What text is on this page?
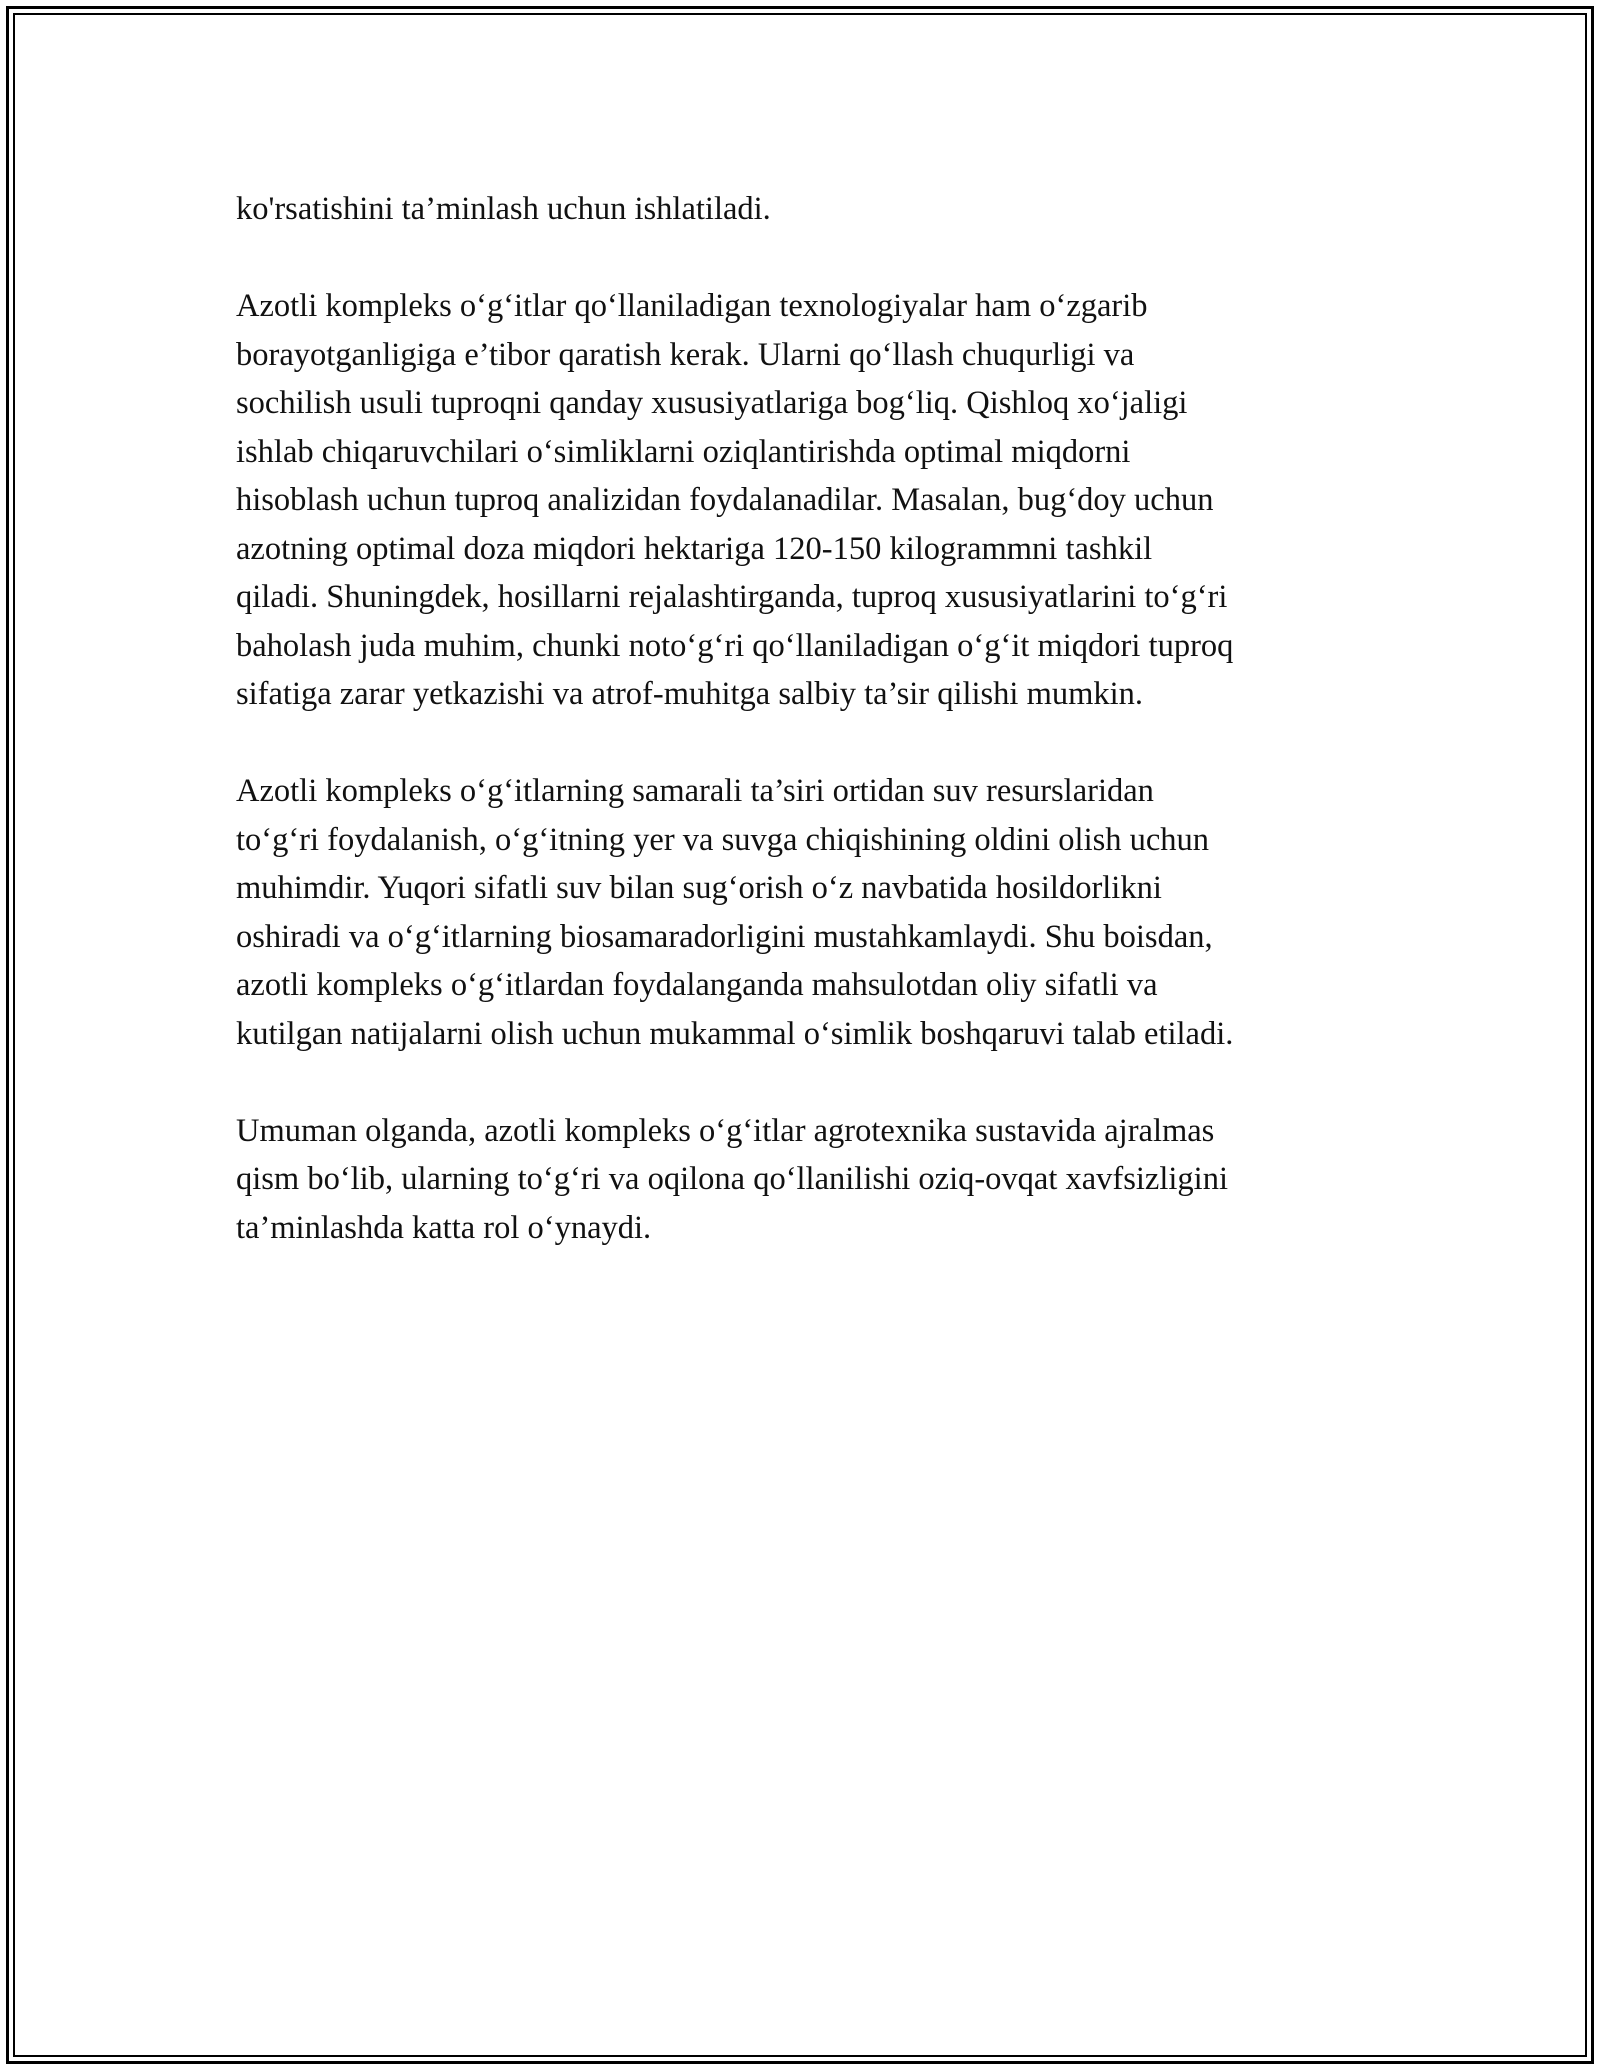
ko'rsatishini ta’minlash uchun ishlatiladi.

Azotli kompleks o‘g‘itlar qo‘llaniladigan texnologiyalar ham o‘zgarib
borayotganligiga e’tibor qaratish kerak. Ularni qo‘llash chuqurligi va
sochilish usuli tuproqni qanday xususiyatlariga bog‘liq. Qishloq xo‘jaligi
ishlab chiqaruvchilari o‘simliklarni oziqlantirishda optimal miqdorni
hisoblash uchun tuproq analizidan foydalanadilar. Masalan, bug‘doy uchun
azotning optimal doza miqdori hektariga 120-150 kilogrammni tashkil
qiladi. Shuningdek, hosillarni rejalashtirganda, tuproq xususiyatlarini to‘g‘ri
baholash juda muhim, chunki noto‘g‘ri qo‘llaniladigan o‘g‘it miqdori tuproq
sifatiga zarar yetkazishi va atrof-muhitga salbiy ta’sir qilishi mumkin.

Azotli kompleks o‘g‘itlarning samarali ta’siri ortidan suv resurslaridan
to‘g‘ri foydalanish, o‘g‘itning yer va suvga chiqishining oldini olish uchun
muhimdir. Yuqori sifatli suv bilan sug‘orish o‘z navbatida hosildorlikni
oshiradi va o‘g‘itlarning biosamaradorligini mustahkamlaydi. Shu boisdan,
azotli kompleks o‘g‘itlardan foydalanganda mahsulotdan oliy sifatli va
kutilgan natijalarni olish uchun mukammal o‘simlik boshqaruvi talab etiladi.

Umuman olganda, azotli kompleks o‘g‘itlar agrotexnika sustavida ajralmas
qism bo‘lib, ularning to‘g‘ri va oqilona qo‘llanilishi oziq-ovqat xavfsizligini
ta’minlashda katta rol o‘ynaydi.
